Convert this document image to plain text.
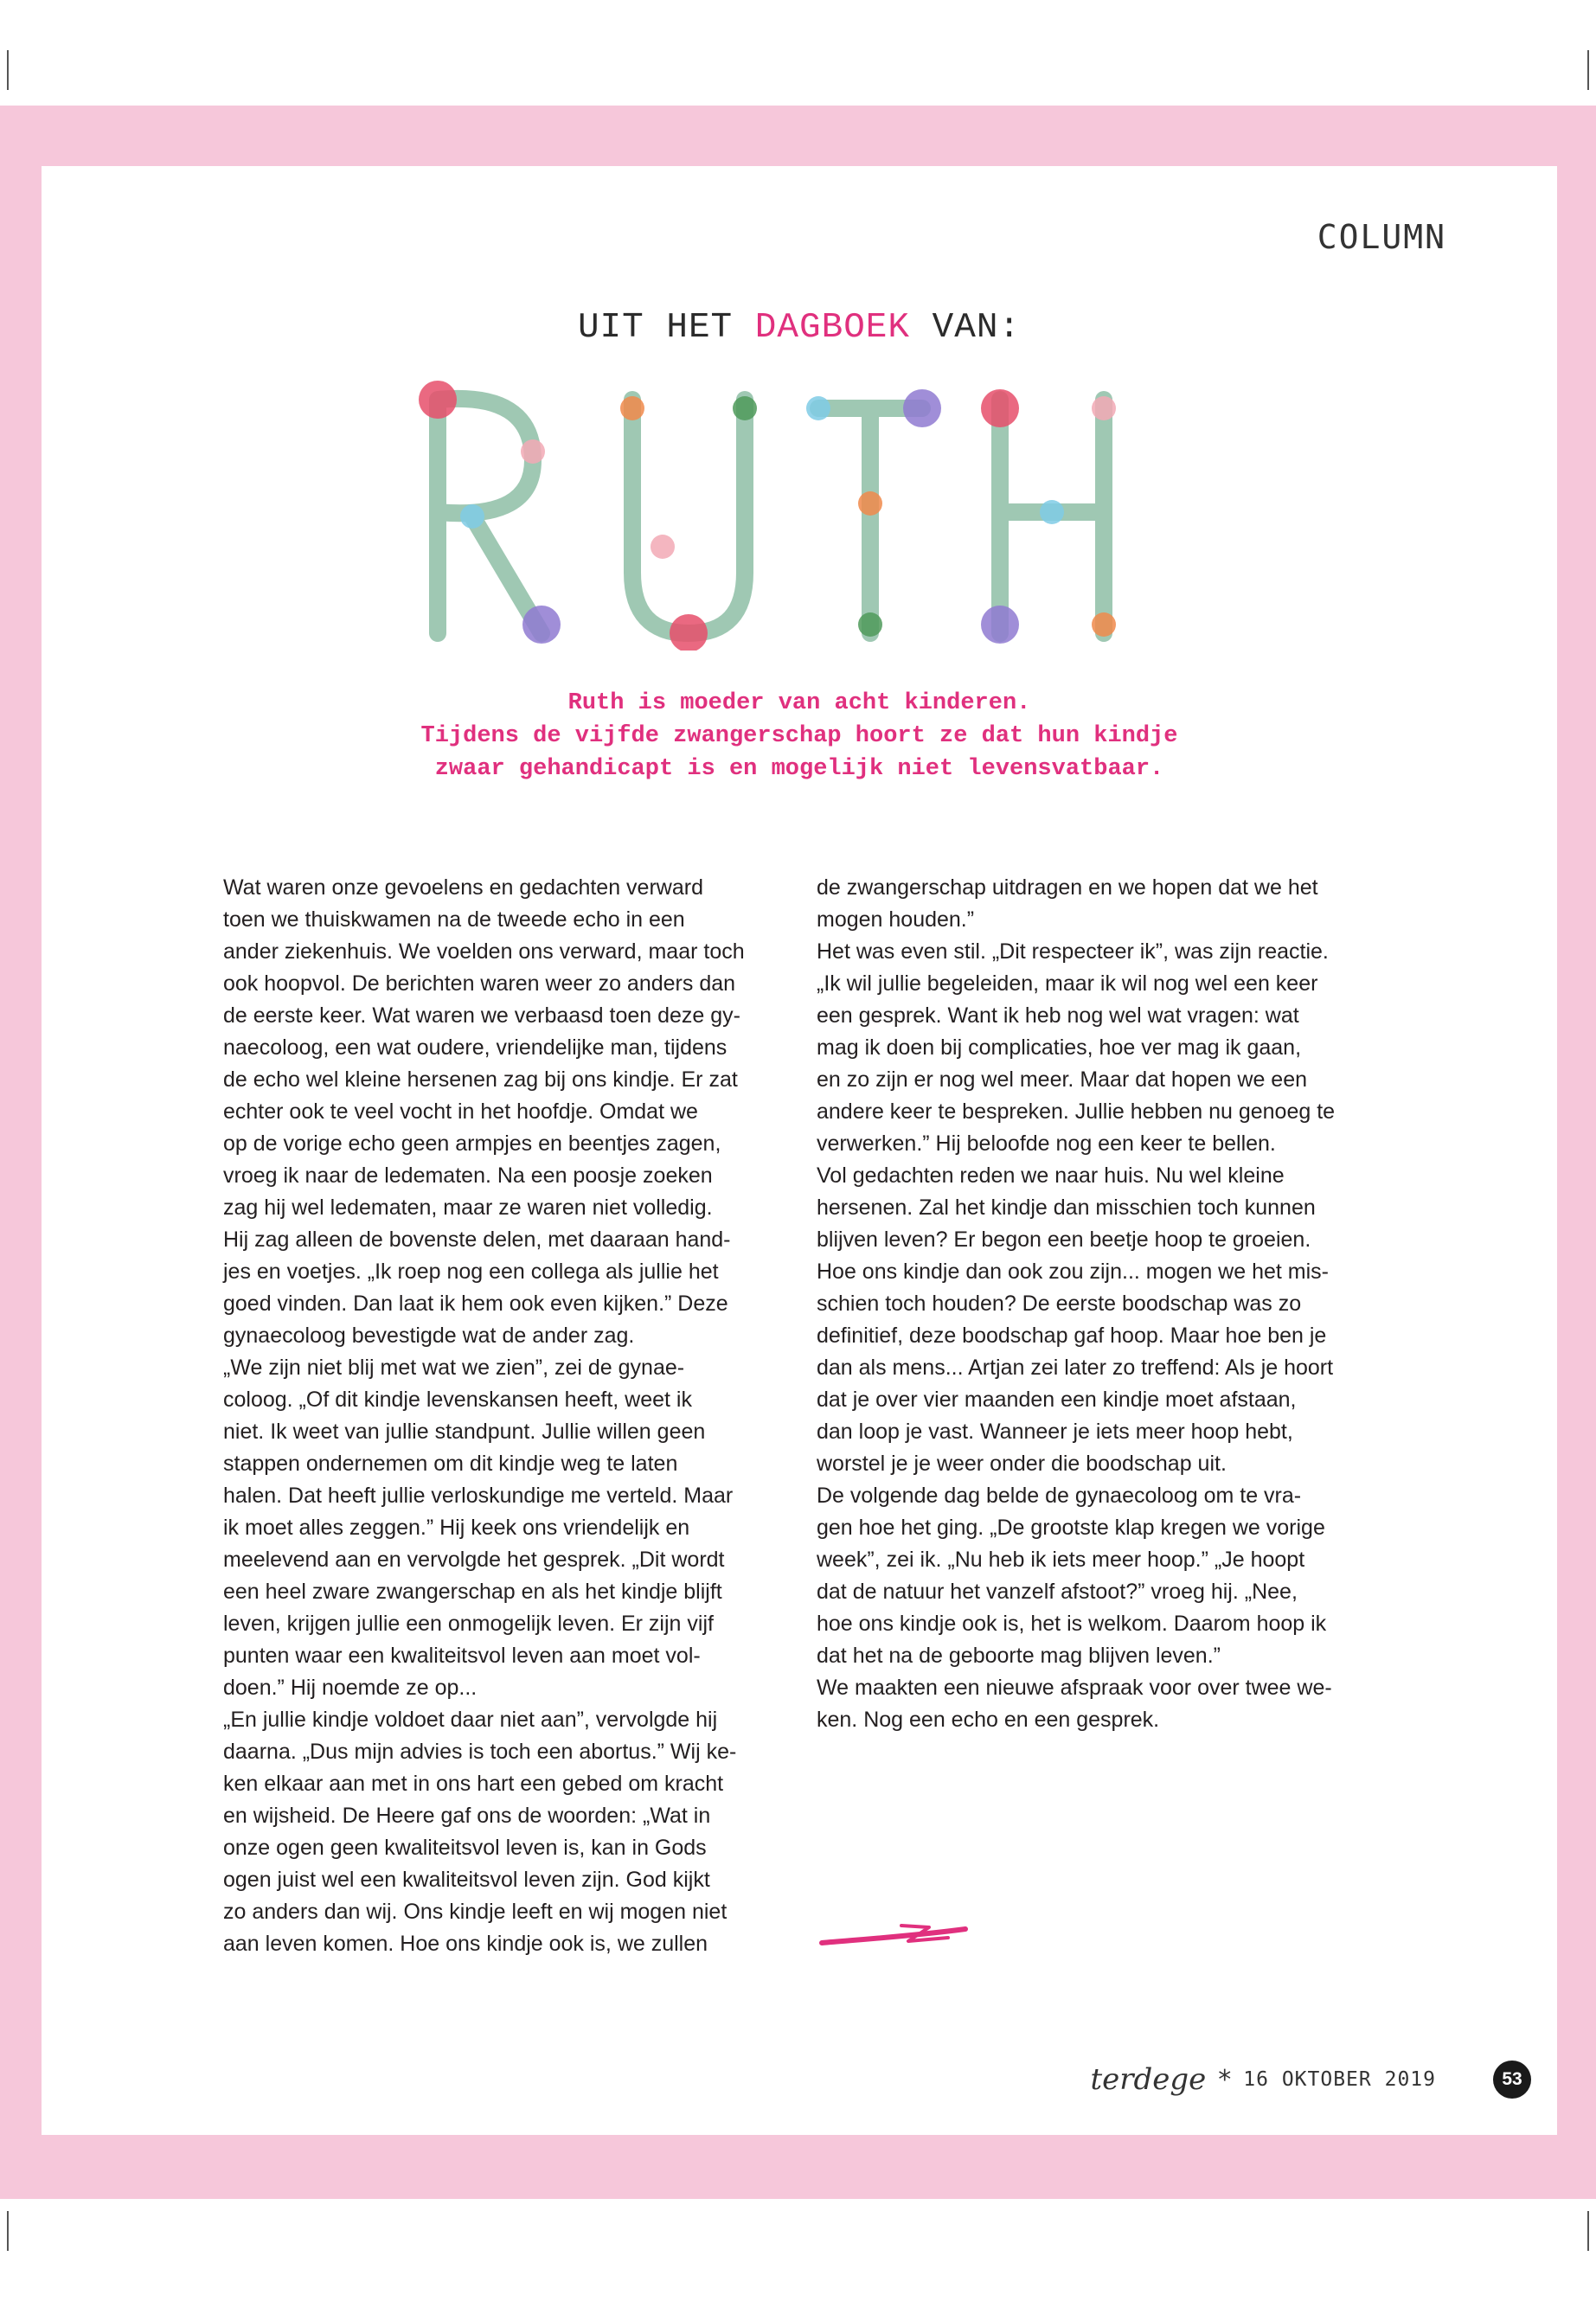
COLUMN
UIT HET DAGBOEK VAN:
Ruth is moeder van acht kinderen.
Tijdens de vijfde zwangerschap hoort ze dat hun kindje
zwaar gehandicapt is en mogelijk niet levensvatbaar.
Wat waren onze gevoelens en gedachten verward
toen we thuiskwamen na de tweede echo in een
ander ziekenhuis. We voelden ons verward, maar toch
ook hoopvol. De berichten waren weer zo anders dan
de eerste keer. Wat waren we verbaasd toen deze gy-
naecoloog, een wat oudere, vriendelijke man, tijdens
de echo wel kleine hersenen zag bij ons kindje. Er zat
echter ook te veel vocht in het hoofdje. Omdat we
op de vorige echo geen armpjes en beentjes zagen,
vroeg ik naar de ledematen. Na een poosje zoeken
zag hij wel ledematen, maar ze waren niet volledig.
Hij zag alleen de bovenste delen, met daaraan hand-
jes en voetjes. „Ik roep nog een collega als jullie het
goed vinden. Dan laat ik hem ook even kijken.” Deze
gynaecoloog bevestigde wat de ander zag.
„We zijn niet blij met wat we zien”, zei de gynae-
coloog. „Of dit kindje levenskansen heeft, weet ik
niet. Ik weet van jullie standpunt. Jullie willen geen
stappen ondernemen om dit kindje weg te laten
halen. Dat heeft jullie verloskundige me verteld. Maar
ik moet alles zeggen.” Hij keek ons vriendelijk en
meelevend aan en vervolgde het gesprek. „Dit wordt
een heel zware zwangerschap en als het kindje blijft
leven, krijgen jullie een onmogelijk leven. Er zijn vijf
punten waar een kwaliteitsvol leven aan moet vol-
doen.” Hij noemde ze op...
„En jullie kindje voldoet daar niet aan”, vervolgde hij
daarna. „Dus mijn advies is toch een abortus.” Wij ke-
ken elkaar aan met in ons hart een gebed om kracht
en wijsheid. De Heere gaf ons de woorden: „Wat in
onze ogen geen kwaliteitsvol leven is, kan in Gods
ogen juist wel een kwaliteitsvol leven zijn. God kijkt
zo anders dan wij. Ons kindje leeft en wij mogen niet
aan leven komen. Hoe ons kindje ook is, we zullen
de zwangerschap uitdragen en we hopen dat we het
mogen houden.”
Het was even stil. „Dit respecteer ik”, was zijn reactie.
„Ik wil jullie begeleiden, maar ik wil nog wel een keer
een gesprek. Want ik heb nog wel wat vragen: wat
mag ik doen bij complicaties, hoe ver mag ik gaan,
en zo zijn er nog wel meer. Maar dat hopen we een
andere keer te bespreken. Jullie hebben nu genoeg te
verwerken.” Hij beloofde nog een keer te bellen.
Vol gedachten reden we naar huis. Nu wel kleine
hersenen. Zal het kindje dan misschien toch kunnen
blijven leven? Er begon een beetje hoop te groeien.
Hoe ons kindje dan ook zou zijn... mogen we het mis-
schien toch houden? De eerste boodschap was zo
definitief, deze boodschap gaf hoop. Maar hoe ben je
dan als mens... Artjan zei later zo treffend: Als je hoort
dat je over vier maanden een kindje moet afstaan,
dan loop je vast. Wanneer je iets meer hoop hebt,
worstel je je weer onder die boodschap uit.
De volgende dag belde de gynaecoloog om te vra-
gen hoe het ging. „De grootste klap kregen we vorige
week”, zei ik. „Nu heb ik iets meer hoop.” „Je hoopt
dat de natuur het vanzelf afstoot?” vroeg hij. „Nee,
hoe ons kindje ook is, het is welkom. Daarom hoop ik
dat het na de geboorte mag blijven leven.”
We maakten een nieuwe afspraak voor over twee we-
ken. Nog een echo en een gesprek.
terdege * 16 OKTOBER 2019	53
